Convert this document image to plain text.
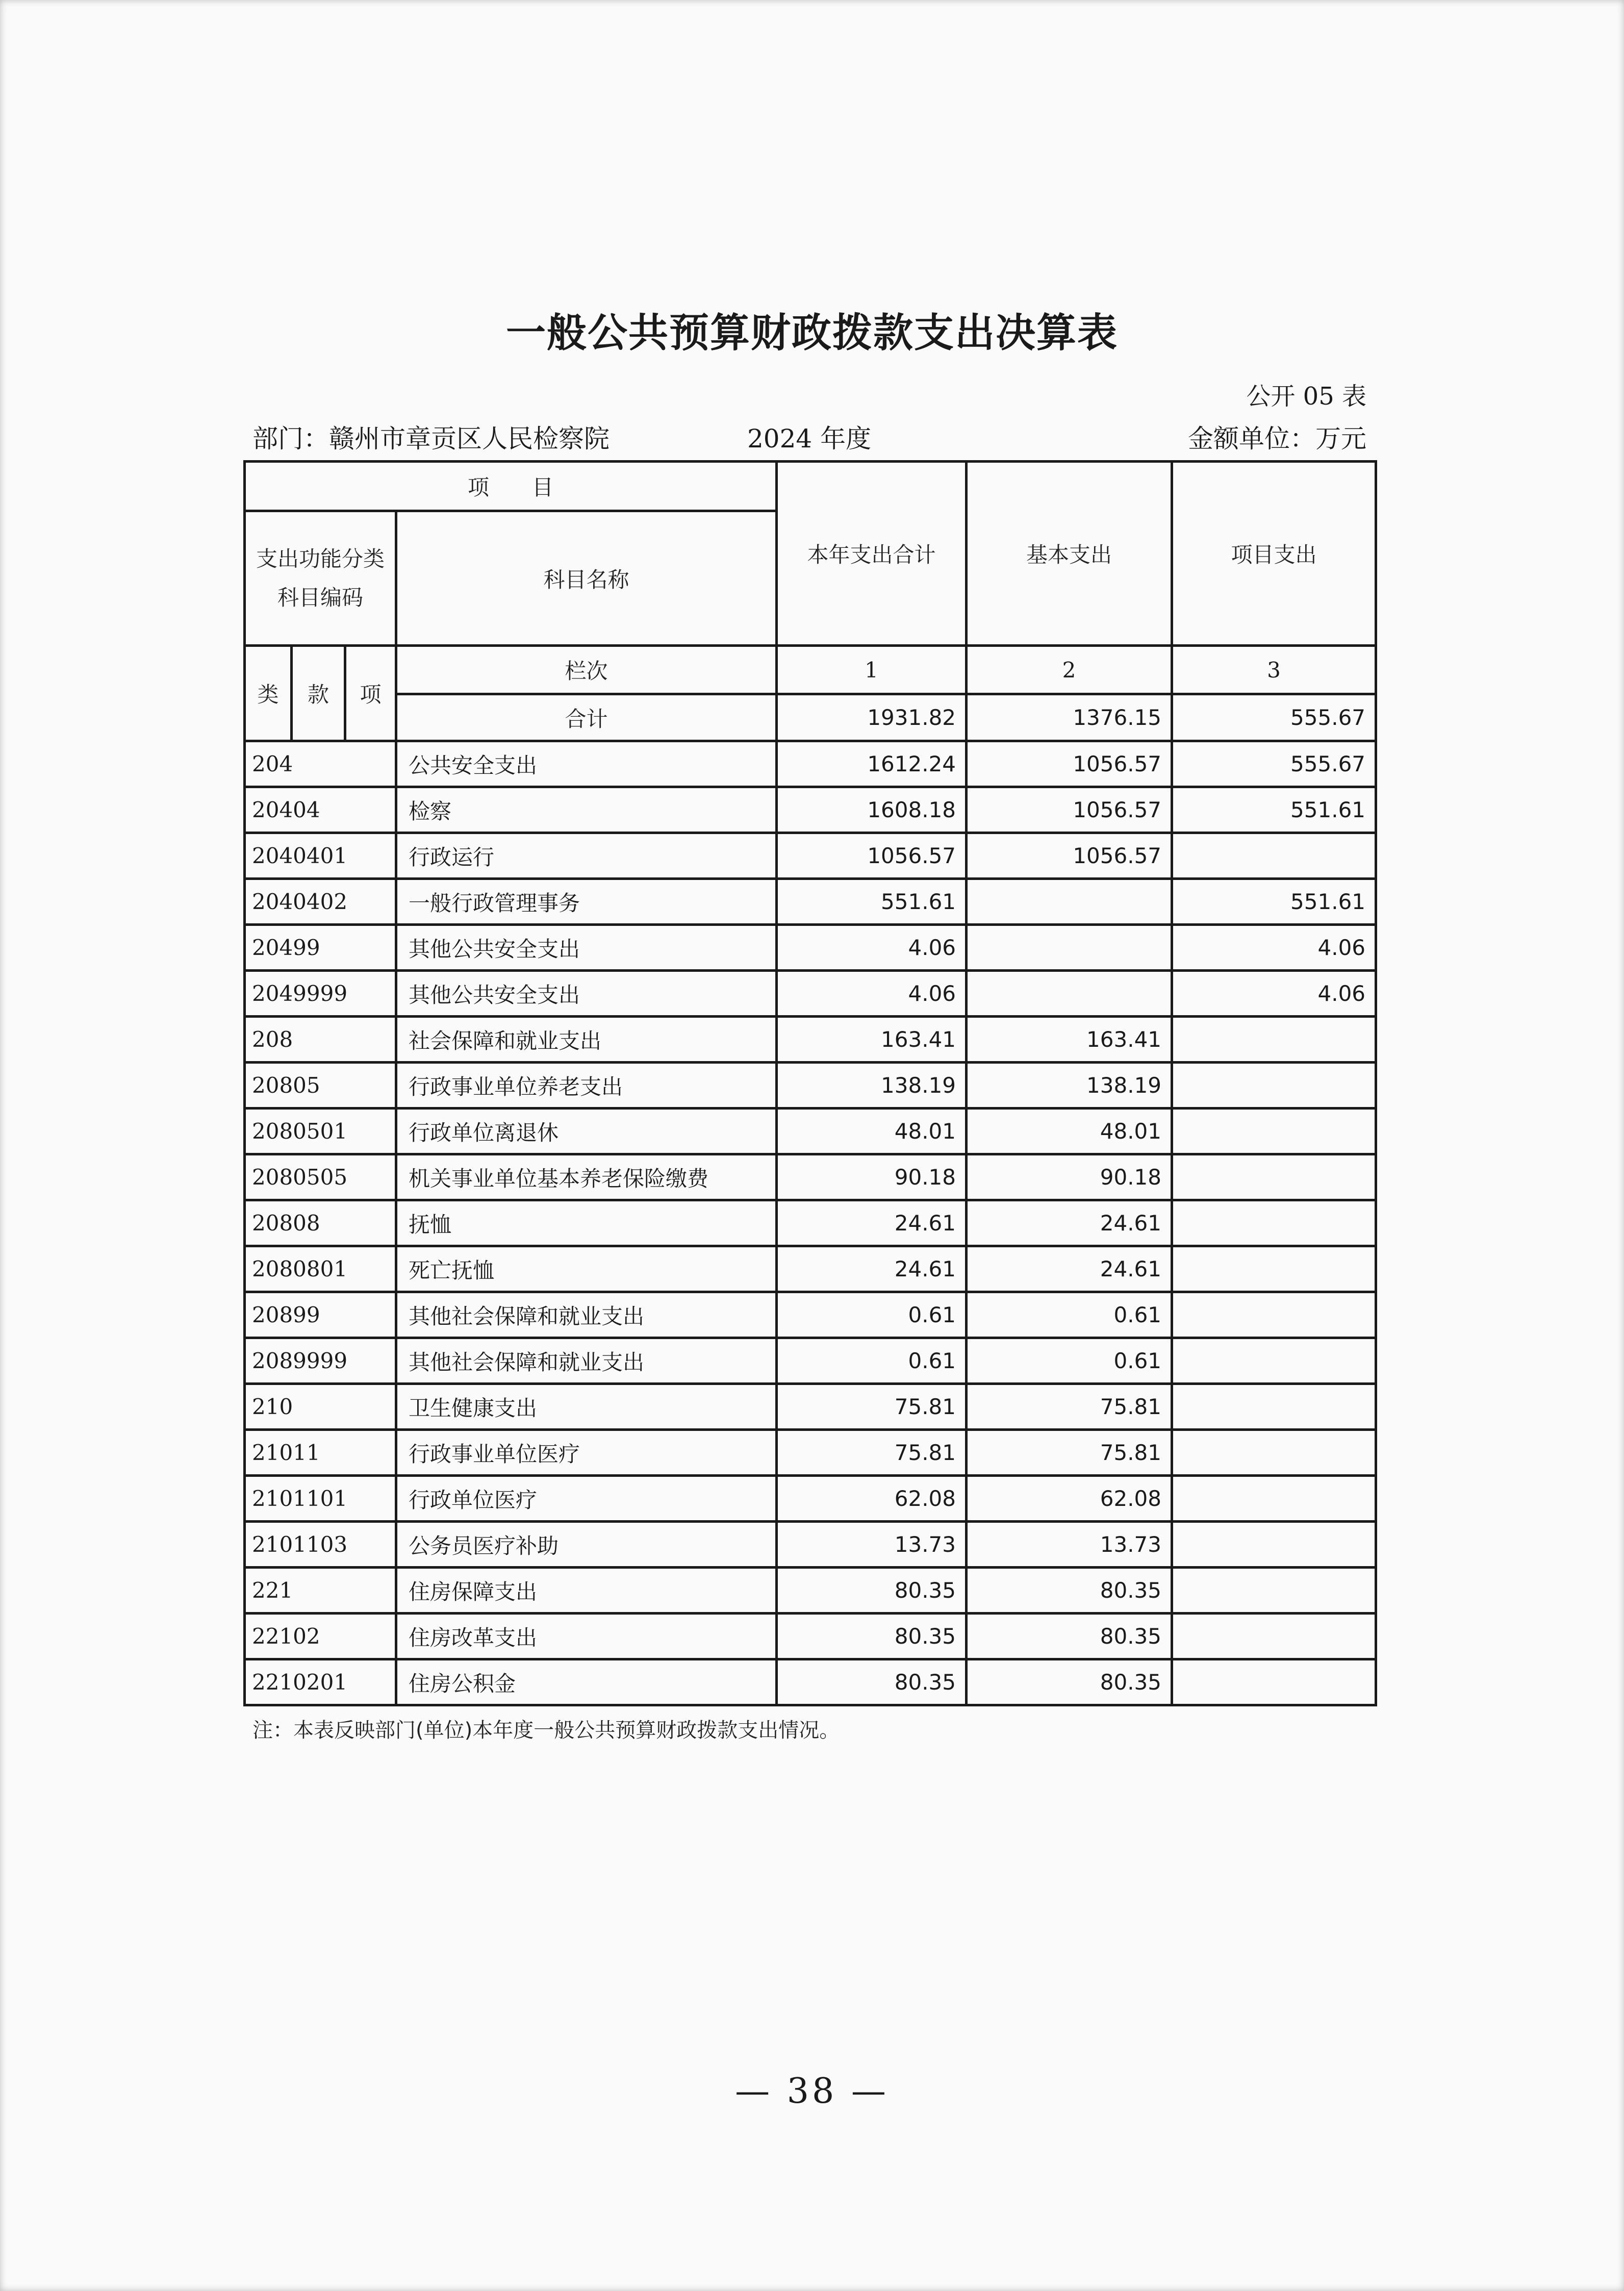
一般公共预算财政拨款支出决算表
公开 05 表
部门：赣州市章贡区人民检察院	2024 年度	金额单位：万元
项　　目				本年支出合计	基本支出	项目支出
支出功能分类科目编码			科目名称			
类	款	项	栏次	1	2	3
			合计	1931.82	1376.15	555.67
204			公共安全支出	1612.24	1056.57	555.67
20404			检察	1608.18	1056.57	551.61
2040401			行政运行	1056.57	1056.57	
2040402			一般行政管理事务	551.61		551.61
20499			其他公共安全支出	4.06		4.06
2049999			其他公共安全支出	4.06		4.06
208			社会保障和就业支出	163.41	163.41	
20805			行政事业单位养老支出	138.19	138.19	
2080501			行政单位离退休	48.01	48.01	
2080505			机关事业单位基本养老保险缴费	90.18	90.18	
20808			抚恤	24.61	24.61	
2080801			死亡抚恤	24.61	24.61	
20899			其他社会保障和就业支出	0.61	0.61	
2089999			其他社会保障和就业支出	0.61	0.61	
210			卫生健康支出	75.81	75.81	
21011			行政事业单位医疗	75.81	75.81	
2101101			行政单位医疗	62.08	62.08	
2101103			公务员医疗补助	13.73	13.73	
221			住房保障支出	80.35	80.35	
22102			住房改革支出	80.35	80.35	
2210201			住房公积金	80.35	80.35	
注：本表反映部门(单位)本年度一般公共预算财政拨款支出情况。
— 38 —
